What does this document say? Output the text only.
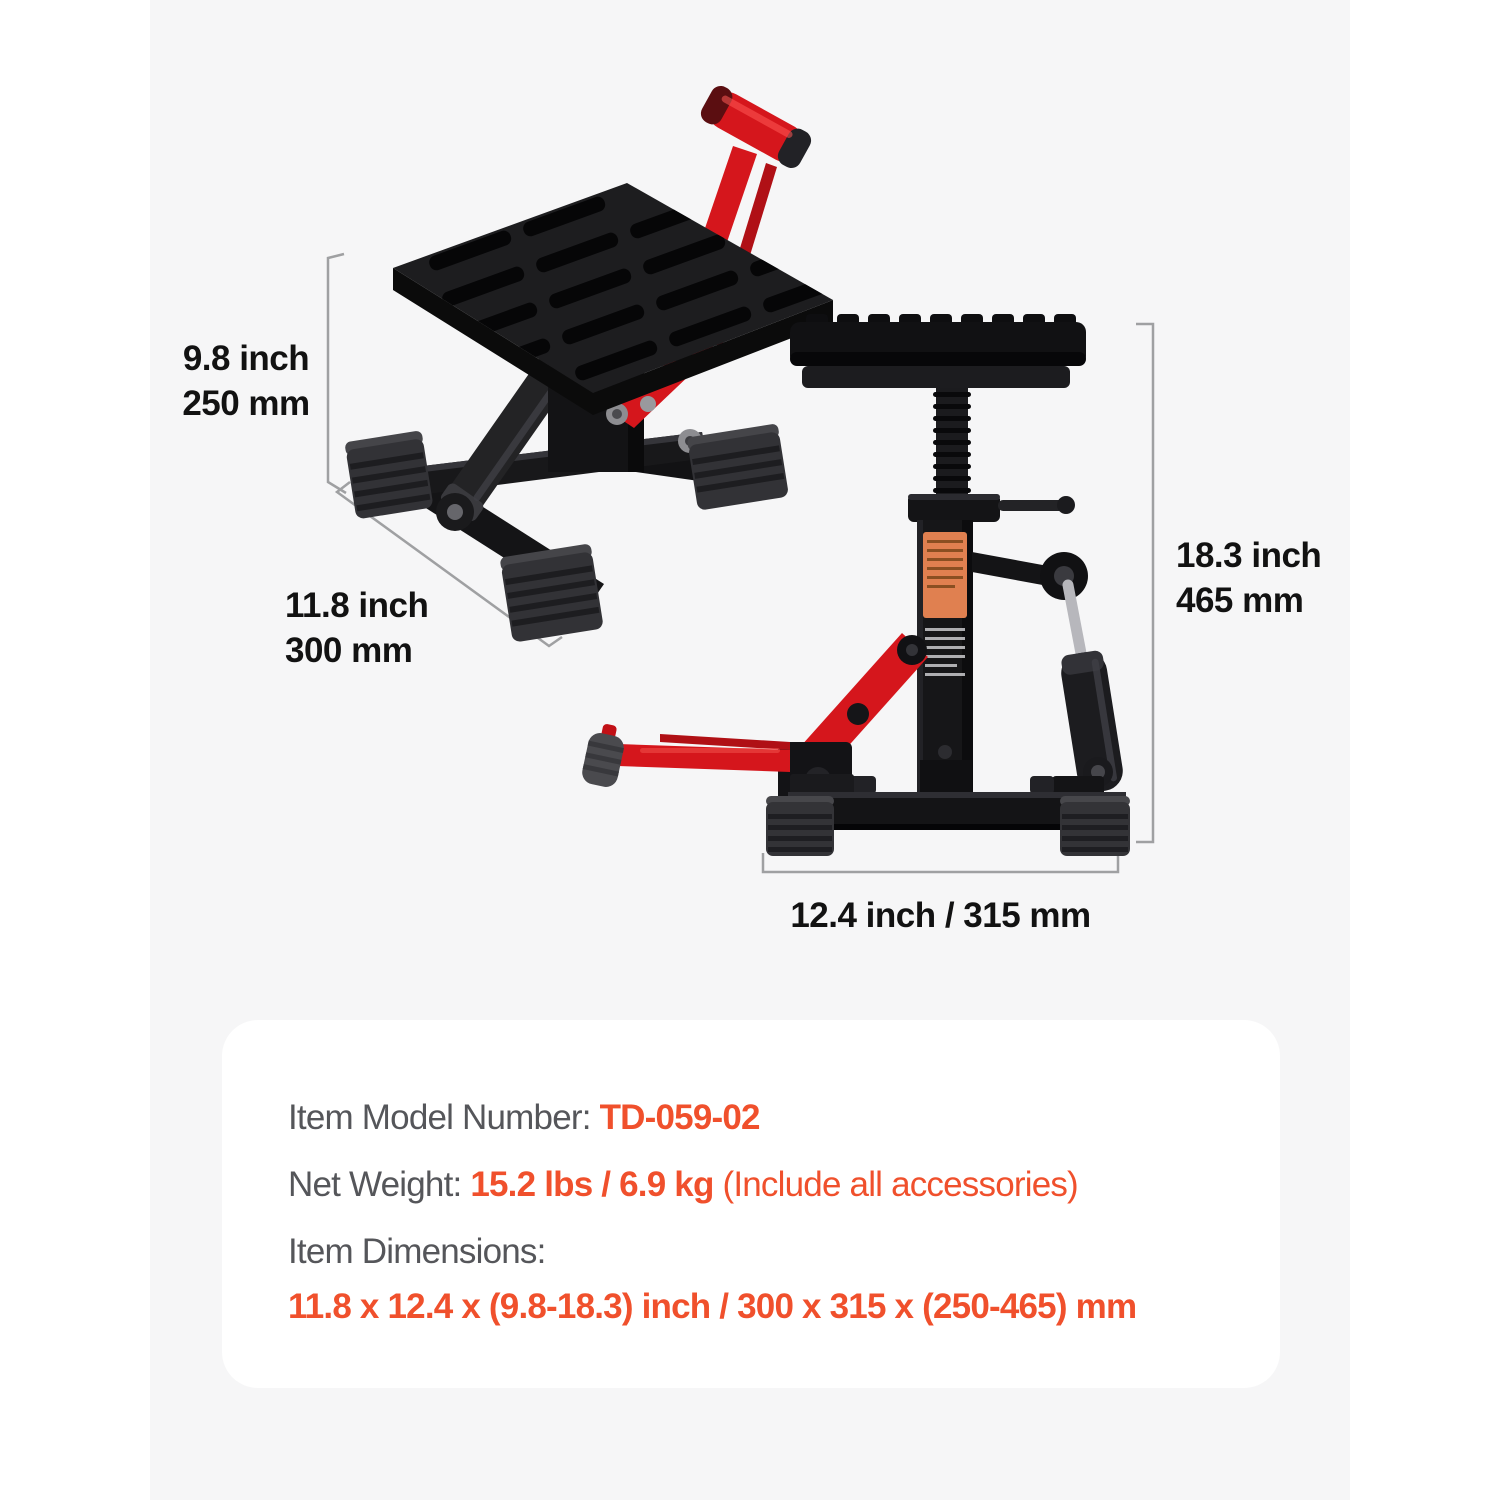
9.8 inch
250 mm
11.8 inch
300 mm
18.3 inch
465 mm
12.4 inch / 315 mm
Item Model Number: TD-059-02
Net Weight: 15.2 lbs / 6.9 kg (Include all accessories)
Item Dimensions:
11.8 x 12.4 x (9.8-18.3) inch / 300 x 315 x (250-465) mm
